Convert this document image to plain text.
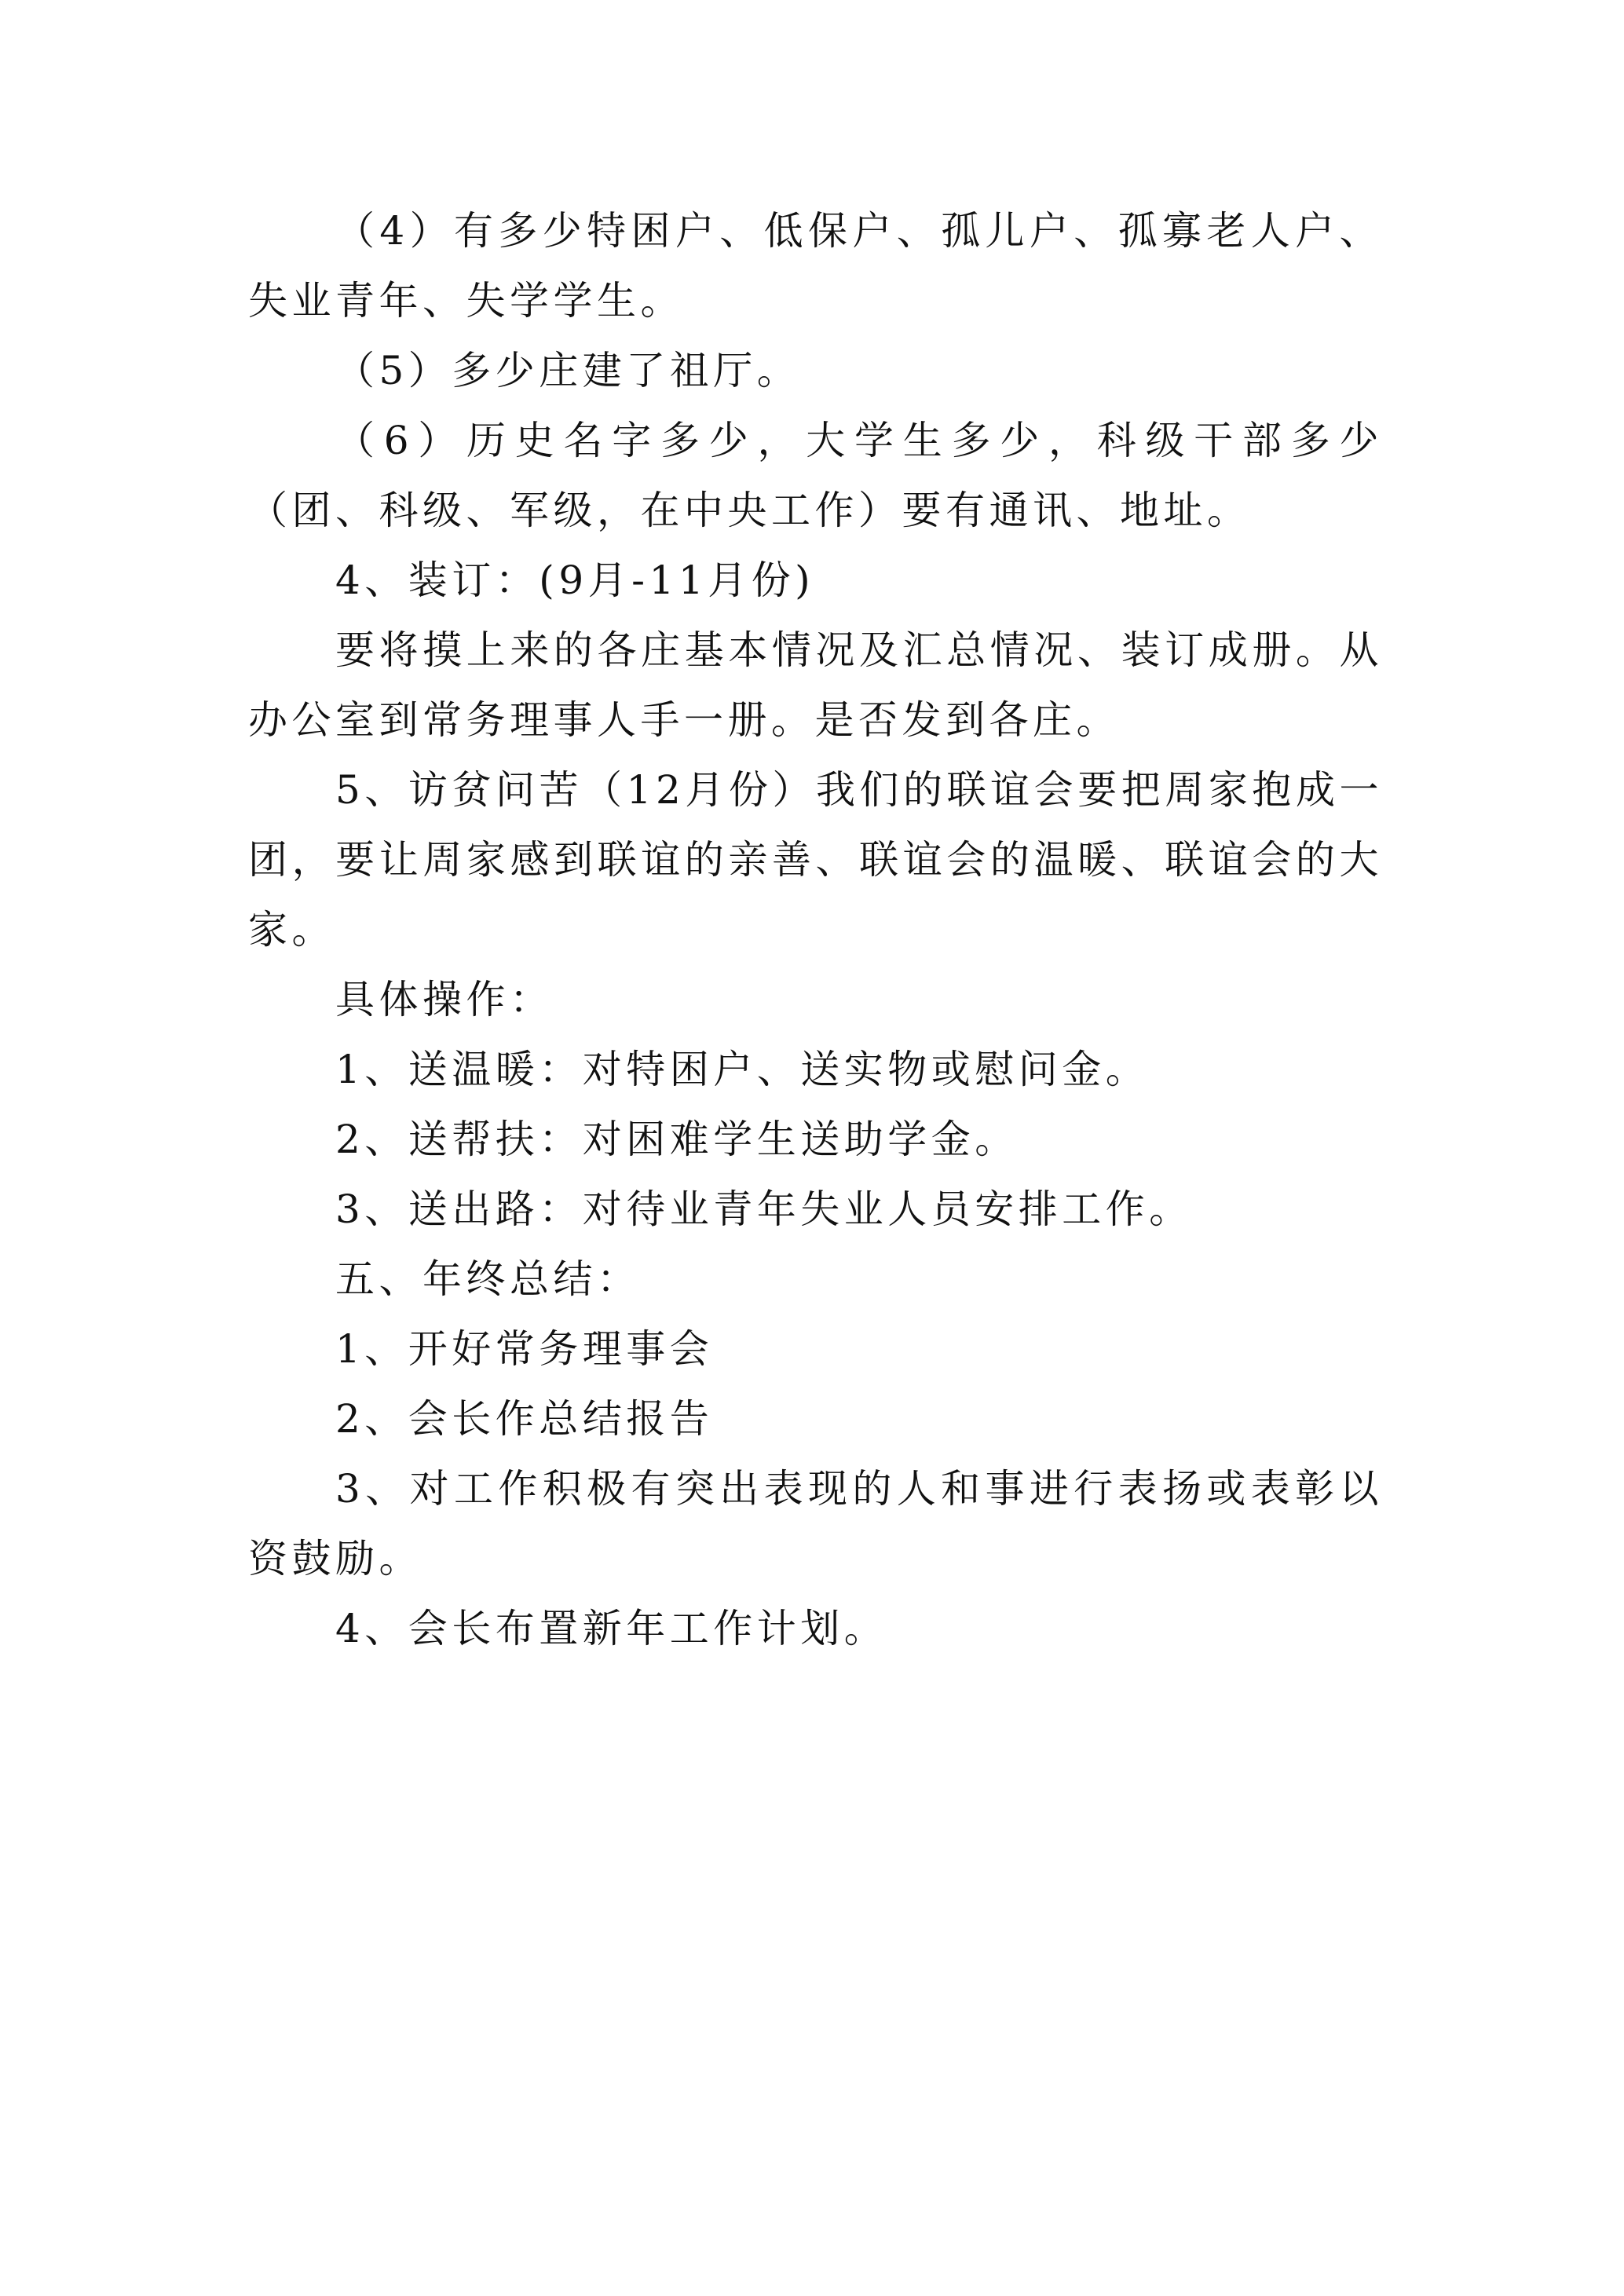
（4）有多少特困户、低保户、孤儿户、孤寡老人户、失业青年、失学学生。

（5）多少庄建了祖厅。

（6）历史名字多少，大学生多少，科级干部多少（团、科级、军级，在中央工作）要有通讯、地址。

4、装订：(9月-11月份)

要将摸上来的各庄基本情况及汇总情况、装订成册。从办公室到常务理事人手一册。是否发到各庄。

5、访贫问苦（12月份）我们的联谊会要把周家抱成一团，要让周家感到联谊的亲善、联谊会的温暖、联谊会的大家。

具体操作：

1、送温暖：对特困户、送实物或慰问金。

2、送帮扶：对困难学生送助学金。

3、送出路：对待业青年失业人员安排工作。

五、年终总结：

1、开好常务理事会

2、会长作总结报告

3、对工作积极有突出表现的人和事进行表扬或表彰以资鼓励。

4、会长布置新年工作计划。
